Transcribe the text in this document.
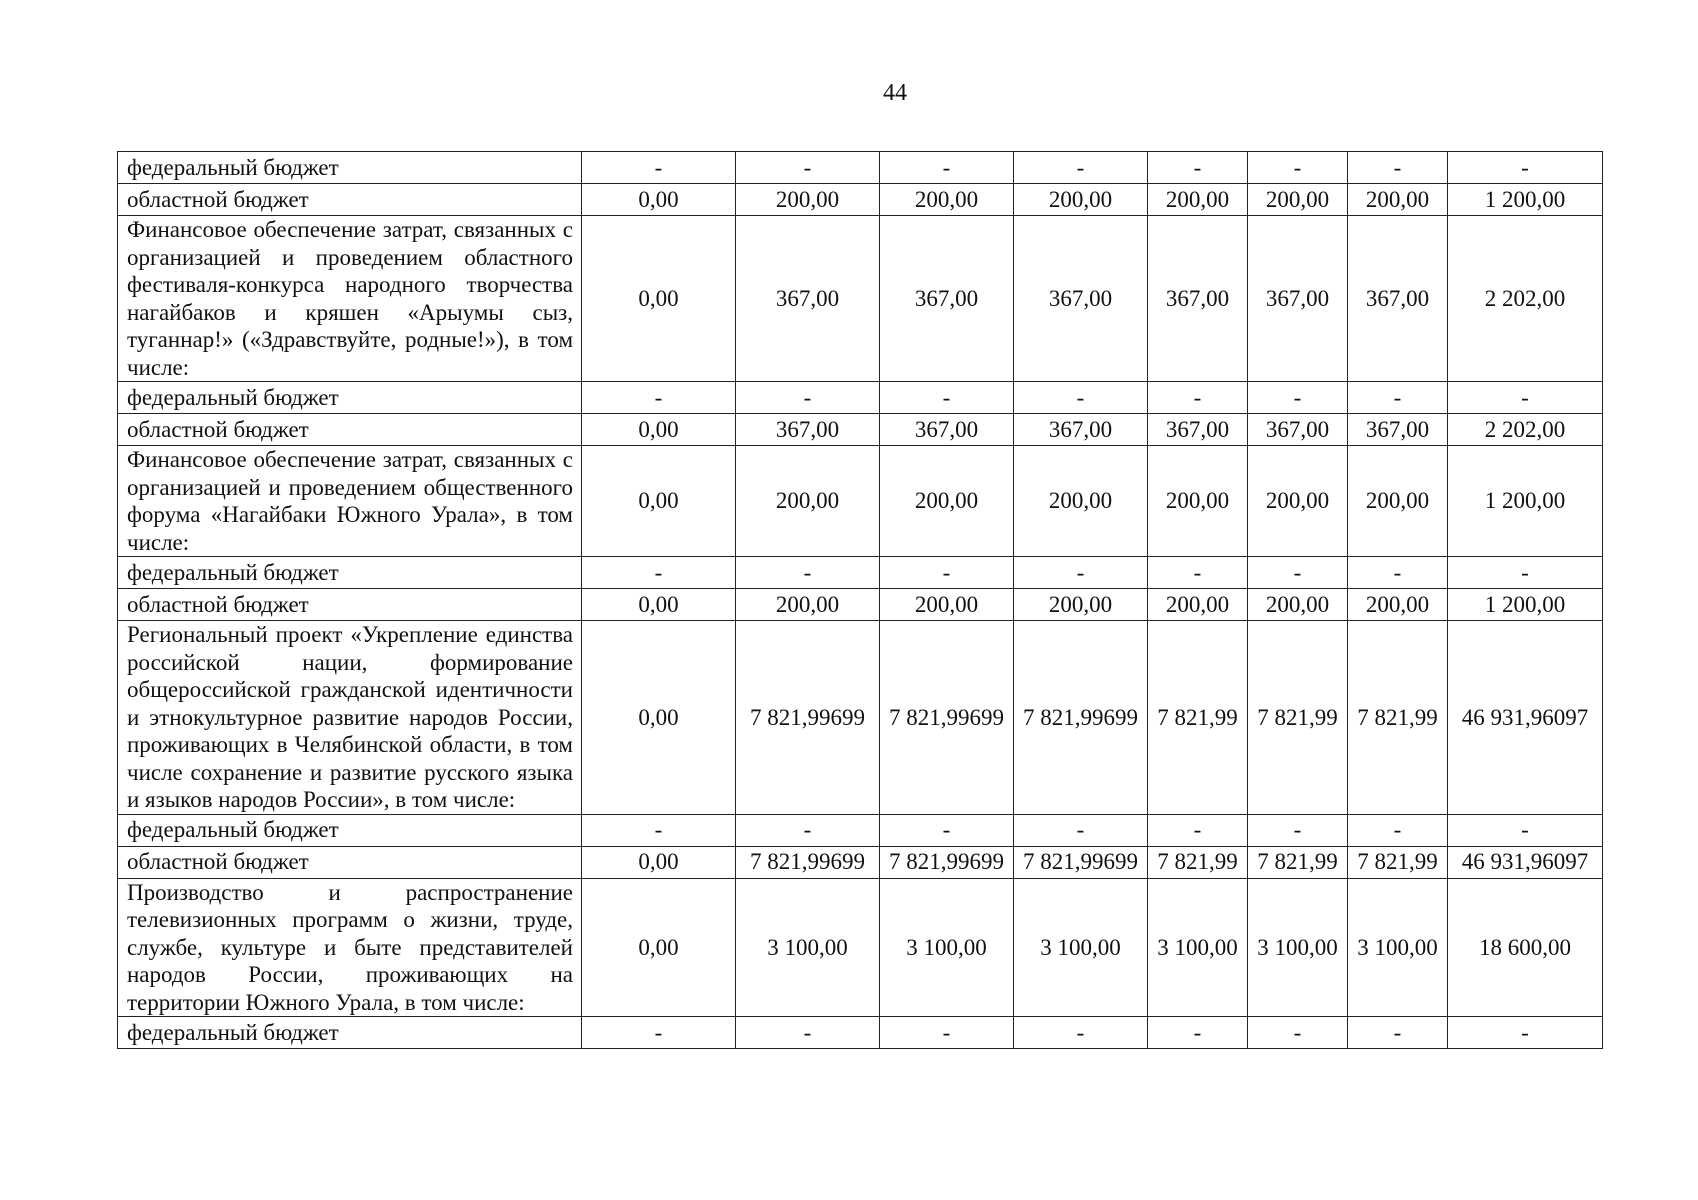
44
федеральный бюджет	-	-	-	-	-	-	-	-
областной бюджет	0,00	200,00	200,00	200,00	200,00	200,00	200,00	1 200,00
Финансовое обеспечение затрат, связанных с организацией и проведением областного фестиваля-конкурса народного творчества нагайбаков и кряшен «Арыумы сыз, туганнар!» («Здравствуйте, родные!»), в том числе:	0,00	367,00	367,00	367,00	367,00	367,00	367,00	2 202,00
федеральный бюджет	-	-	-	-	-	-	-	-
областной бюджет	0,00	367,00	367,00	367,00	367,00	367,00	367,00	2 202,00
Финансовое обеспечение затрат, связанных с организацией и проведением общественного форума «Нагайбаки Южного Урала», в том числе:	0,00	200,00	200,00	200,00	200,00	200,00	200,00	1 200,00
федеральный бюджет	-	-	-	-	-	-	-	-
областной бюджет	0,00	200,00	200,00	200,00	200,00	200,00	200,00	1 200,00
Региональный проект «Укрепление единства российской нации, формирование общероссийской гражданской идентичности и этнокультурное развитие народов России, проживающих в Челябинской области, в том числе сохранение и развитие русского языка и языков народов России», в том числе:	0,00	7 821,99699	7 821,99699	7 821,99699	7 821,99	7 821,99	7 821,99	46 931,96097
федеральный бюджет	-	-	-	-	-	-	-	-
областной бюджет	0,00	7 821,99699	7 821,99699	7 821,99699	7 821,99	7 821,99	7 821,99	46 931,96097
Производство и распространение телевизионных программ о жизни, труде, службе, культуре и быте представителей народов России, проживающих на территории Южного Урала, в том числе:	0,00	3 100,00	3 100,00	3 100,00	3 100,00	3 100,00	3 100,00	18 600,00
федеральный бюджет	-	-	-	-	-	-	-	-
